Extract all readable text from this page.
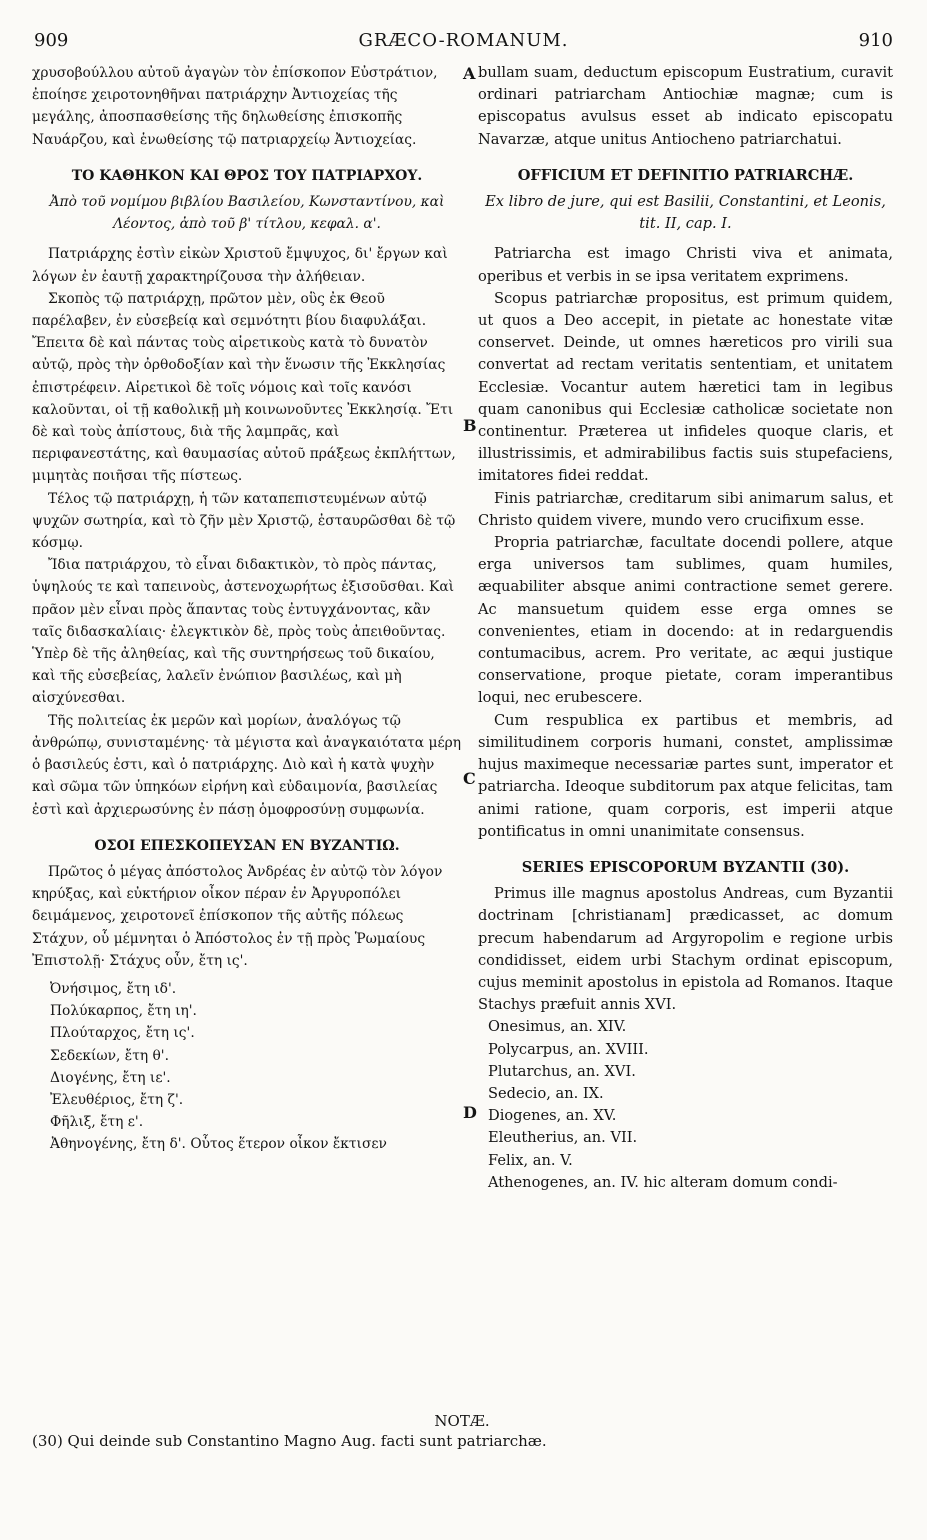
909	GRÆCO-ROMANUM.	910

χρυσοβούλλου αὐτοῦ ἀγαγὼν τὸν ἐπίσκοπον Εὐστράτιον, ἐποίησε χειροτονηθῆναι πατριάρχην Ἀντιοχείας τῆς μεγάλης, ἀποσπασθείσης τῆς δηλωθείσης ἐπισκοπῆς Ναυάρζου, καὶ ἑνωθείσης τῷ πατριαρχείῳ Ἀντιοχείας.

ΤΟ ΚΑΘΗΚΟΝ ΚΑΙ ΘΡΟΣ ΤΟΥ ΠΑΤΡΙΑΡΧΟΥ.

Ἀπὸ τοῦ νομίμου βιβλίου Βασιλείου, Κωνσταντίνου, καὶ Λέοντος, ἀπὸ τοῦ β' τίτλου, κεφαλ. α'.

Πατριάρχης ἐστὶν εἰκὼν Χριστοῦ ἔμψυχος, δι' ἔργων καὶ λόγων ἐν ἑαυτῇ χαρακτηρίζουσα τὴν ἀλήθειαν.

Σκοπὸς τῷ πατριάρχῃ, πρῶτον μὲν, οὓς ἐκ Θεοῦ παρέλαβεν, ἐν εὐσεβείᾳ καὶ σεμνότητι βίου διαφυλάξαι. Ἔπειτα δὲ καὶ πάντας τοὺς αἱρετικοὺς κατὰ τὸ δυνατὸν αὐτῷ, πρὸς τὴν ὀρθοδοξίαν καὶ τὴν ἕνωσιν τῆς Ἐκκλησίας ἐπιστρέφειν. Αἱρετικοὶ δὲ τοῖς νόμοις καὶ τοῖς κανόσι καλοῦνται, οἱ τῇ καθολικῇ μὴ κοινωνοῦντες Ἐκκλησίᾳ. Ἔτι δὲ καὶ τοὺς ἀπίστους, διὰ τῆς λαμπρᾶς, καὶ περιφανεστάτης, καὶ θαυμασίας αὐτοῦ πράξεως ἐκπλήττων, μιμητὰς ποιῆσαι τῆς πίστεως.

Τέλος τῷ πατριάρχῃ, ἡ τῶν καταπεπιστευμένων αὐτῷ ψυχῶν σωτηρία, καὶ τὸ ζῆν μὲν Χριστῷ, ἐσταυρῶσθαι δὲ τῷ κόσμῳ.

Ἴδια πατριάρχου, τὸ εἶναι διδακτικὸν, τὸ πρὸς πάντας, ὑψηλούς τε καὶ ταπεινοὺς, ἀστενοχωρήτως ἐξισοῦσθαι. Καὶ πρᾶον μὲν εἶναι πρὸς ἅπαντας τοὺς ἐντυγχάνοντας, κἂν ταῖς διδασκαλίαις· ἐλεγκτικὸν δὲ, πρὸς τοὺς ἀπειθοῦντας. Ὑπὲρ δὲ τῆς ἀληθείας, καὶ τῆς συντηρήσεως τοῦ δικαίου, καὶ τῆς εὐσεβείας, λαλεῖν ἐνώπιον βασιλέως, καὶ μὴ αἰσχύνεσθαι.

Τῆς πολιτείας ἐκ μερῶν καὶ μορίων, ἀναλόγως τῷ ἀνθρώπῳ, συνισταμένης· τὰ μέγιστα καὶ ἀναγκαιότατα μέρη ὁ βασιλεύς ἐστι, καὶ ὁ πατριάρχης. Διὸ καὶ ἡ κατὰ ψυχὴν καὶ σῶμα τῶν ὑπηκόων εἰρήνη καὶ εὐδαιμονία, βασιλείας ἐστὶ καὶ ἀρχιερωσύνης ἐν πάσῃ ὁμοφροσύνῃ συμφωνία.

ΟΣΟΙ ΕΠΕΣΚΟΠΕΥΣΑΝ ΕΝ ΒΥΖΑΝΤΙΩ.

Πρῶτος ὁ μέγας ἀπόστολος Ἀνδρέας ἐν αὐτῷ τὸν λόγον κηρύξας, καὶ εὐκτήριον οἶκον πέραν ἐν Ἀργυροπόλει δειμάμενος, χειροτονεῖ ἐπίσκοπον τῆς αὐτῆς πόλεως Στάχυν, οὗ μέμνηται ὁ Ἀπόστολος ἐν τῇ πρὸς Ῥωμαίους Ἐπιστολῇ· Στάχυς οὖν, ἔτη ις'.

Ὀνήσιμος, ἔτη ιδ'.
Πολύκαρπος, ἔτη ιη'.
Πλούταρχος, ἔτη ις'.
Σεδεκίων, ἔτη θ'.
Διογένης, ἔτη ιε'.
Ἐλευθέριος, ἔτη ζ'.
Φῆλιξ, ἔτη ε'.
Ἀθηνογένης, ἔτη δ'. Οὗτος ἕτερον οἶκον ἔκτισεν
A
B
C
D

bullam suam, deductum episcopum Eustratium, curavit ordinari patriarcham Antiochiæ magnæ; cum is episcopatus avulsus esset ab indicato episcopatu Navarzæ, atque unitus Antiocheno patriarchatui.

OFFICIUM ET DEFINITIO PATRIARCHÆ.

Ex libro de jure, qui est Basilii, Constantini, et Leonis, tit. II, cap. I.

Patriarcha est imago Christi viva et animata, operibus et verbis in se ipsa veritatem exprimens.

Scopus patriarchæ propositus, est primum quidem, ut quos a Deo accepit, in pietate ac honestate vitæ conservet. Deinde, ut omnes hæreticos pro virili sua convertat ad rectam veritatis sententiam, et unitatem Ecclesiæ. Vocantur autem hæretici tam in legibus quam canonibus qui Ecclesiæ catholicæ societate non continentur. Præterea ut infideles quoque claris, et illustrissimis, et admirabilibus factis suis stupefaciens, imitatores fidei reddat.

Finis patriarchæ, creditarum sibi animarum salus, et Christo quidem vivere, mundo vero crucifixum esse.

Propria patriarchæ, facultate docendi pollere, atque erga universos tam sublimes, quam humiles, æquabiliter absque animi contractione semet gerere. Ac mansuetum quidem esse erga omnes se convenientes, etiam in docendo: at in redarguendis contumacibus, acrem. Pro veritate, ac æqui justique conservatione, proque pietate, coram imperantibus loqui, nec erubescere.

Cum respublica ex partibus et membris, ad similitudinem corporis humani, constet, amplissimæ hujus maximeque necessariæ partes sunt, imperator et patriarcha. Ideoque subditorum pax atque felicitas, tam animi ratione, quam corporis, est imperii atque pontificatus in omni unanimitate consensus.

SERIES EPISCOPORUM BYZANTII (30).

Primus ille magnus apostolus Andreas, cum Byzantii doctrinam [christianam] prædicasset, ac domum precum habendarum ad Argyropolim e regione urbis condidisset, eidem urbi Stachym ordinat episcopum, cujus meminit apostolus in epistola ad Romanos. Itaque Stachys præfuit annis XVI.

Onesimus, an. XIV.
Polycarpus, an. XVIII.
Plutarchus, an. XVI.
Sedecio, an. IX.
Diogenes, an. XV.
Eleutherius, an. VII.
Felix, an. V.
Athenogenes, an. IV. hic alteram domum condi-
NOTÆ.

(30) Qui deinde sub Constantino Magno Aug. facti sunt patriarchæ.
